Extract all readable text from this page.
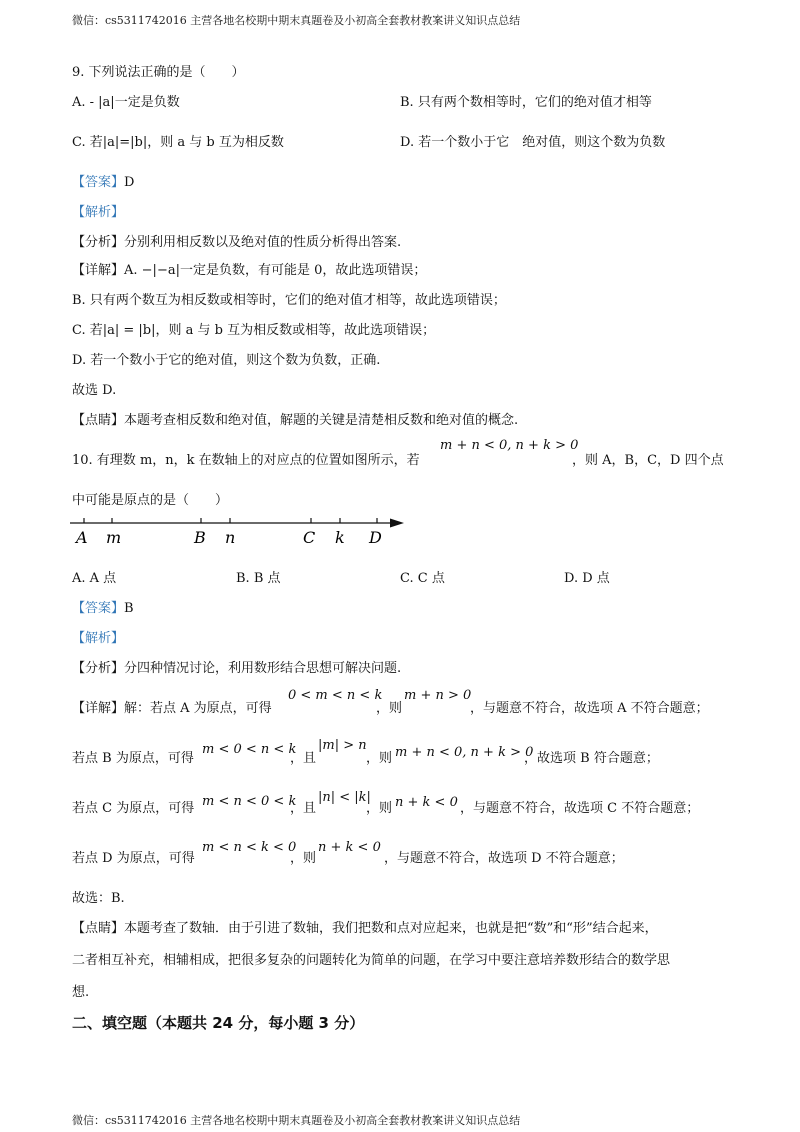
微信：cs5311742016 主营各地名校期中期末真题卷及小初高全套教材教案讲义知识点总结
9. 下列说法正确的是（　　）
A. - |a|一定是负数	B. 只有两个数相等时，它们的绝对值才相等
C. 若|a|=|b|，则 a 与 b 互为相反数	D. 若一个数小于它　绝对值，则这个数为负数
【答案】D
【解析】
【分析】分别利用相反数以及绝对值的性质分析得出答案.
【详解】A. −|−a|一定是负数，有可能是 0，故此选项错误；
B. 只有两个数互为相反数或相等时，它们的绝对值才相等，故此选项错误；
C. 若|a| = |b|，则 a 与 b 互为相反数或相等，故此选项错误；
D. 若一个数小于它的绝对值，则这个数为负数，正确.
故选 D.
【点睛】本题考查相反数和绝对值，解题的关键是清楚相反数和绝对值的概念.
10. 有理数 m，n，k 在数轴上的对应点的位置如图所示，若
m + n < 0, n + k > 0
，则 A，B，C，D 四个点
中可能是原点的是（　　）
A m	B n	C k D
A. A 点	B. B 点	C. C 点	D. D 点
【答案】B
【解析】
【分析】分四种情况讨论，利用数形结合思想可解决问题.
【详解】解：若点 A 为原点，可得
0 < m < n < k
，则
m + n > 0
，与题意不符合，故选项 A 不符合题意；
若点 B 为原点，可得
m < 0 < n < k
，且
|m| > n
，则 m + n < 0, n + k > 0
，故选项 B 符合题意；
若点 C 为原点，可得 m < n < 0 < k
，且
|n| < |k|
，则 n + k < 0 ，与题意不符合，故选项 C 不符合题意；
若点 D 为原点，可得
m < n < k < 0
，则
n + k < 0
，与题意不符合，故选项 D 不符合题意；
故选：B.
【点睛】本题考查了数轴．由于引进了数轴，我们把数和点对应起来，也就是把“数”和“形”结合起来，
二者相互补充，相辅相成，把很多复杂的问题转化为简单的问题，在学习中要注意培养数形结合的数学思
想.
二、填空题（本题共 24 分，每小题 3 分）
微信：cs5311742016 主营各地名校期中期末真题卷及小初高全套教材教案讲义知识点总结
